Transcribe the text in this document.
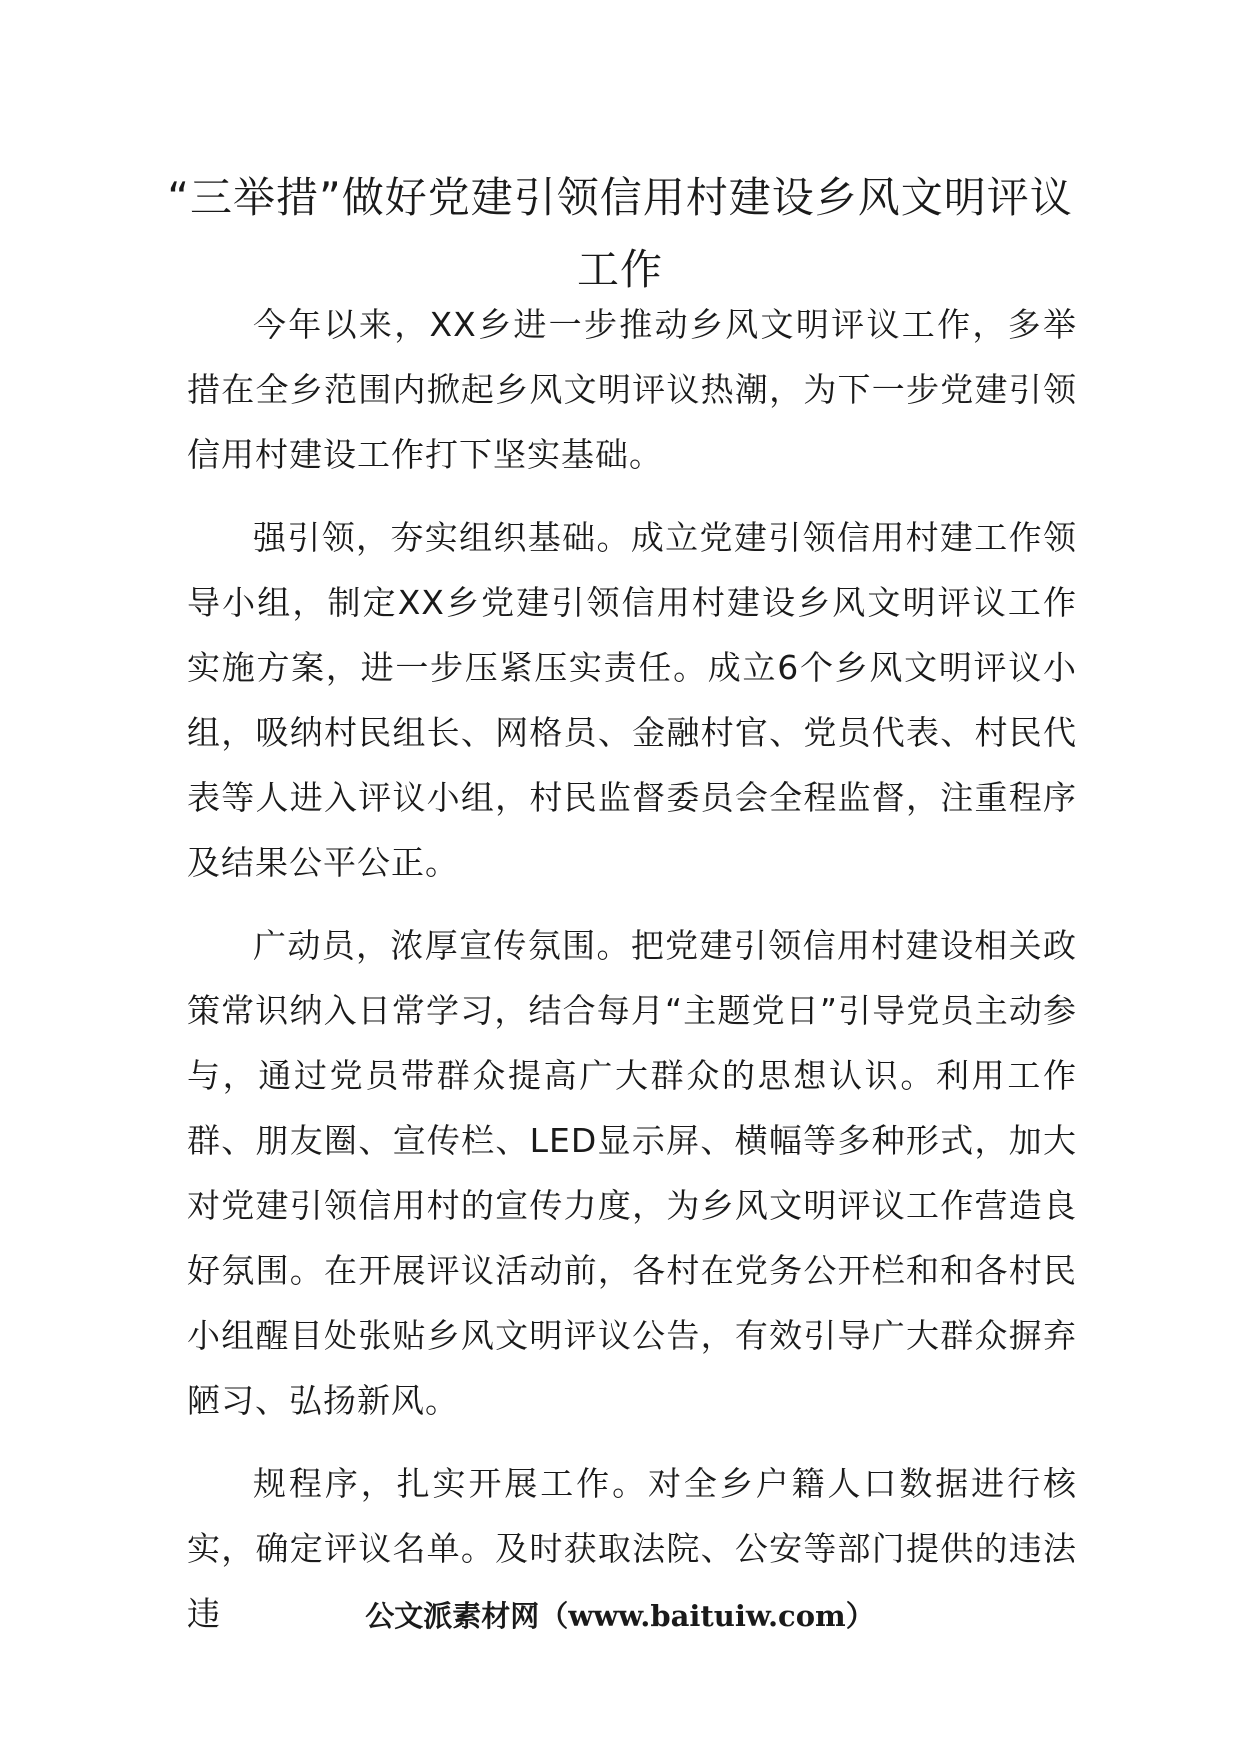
“三举措”做好党建引领信用村建设乡风文明评议工作

今年以来，XX乡进一步推动乡风文明评议工作，多举措在全乡范围内掀起乡风文明评议热潮，为下一步党建引领信用村建设工作打下坚实基础。

强引领，夯实组织基础。成立党建引领信用村建工作领导小组，制定XX乡党建引领信用村建设乡风文明评议工作实施方案，进一步压紧压实责任。成立6个乡风文明评议小组，吸纳村民组长、网格员、金融村官、党员代表、村民代表等人进入评议小组，村民监督委员会全程监督，注重程序及结果公平公正。

广动员，浓厚宣传氛围。把党建引领信用村建设相关政策常识纳入日常学习，结合每月“主题党日”引导党员主动参与，通过党员带群众提高广大群众的思想认识。利用工作群、朋友圈、宣传栏、LED显示屏、横幅等多种形式，加大对党建引领信用村的宣传力度，为乡风文明评议工作营造良好氛围。在开展评议活动前，各村在党务公开栏和和各村民小组醒目处张贴乡风文明评议公告，有效引导广大群众摒弃陋习、弘扬新风。

规程序，扎实开展工作。对全乡户籍人口数据进行核实，确定评议名单。及时获取法院、公安等部门提供的违法违	公文派素材网（www.baituiw.com）
